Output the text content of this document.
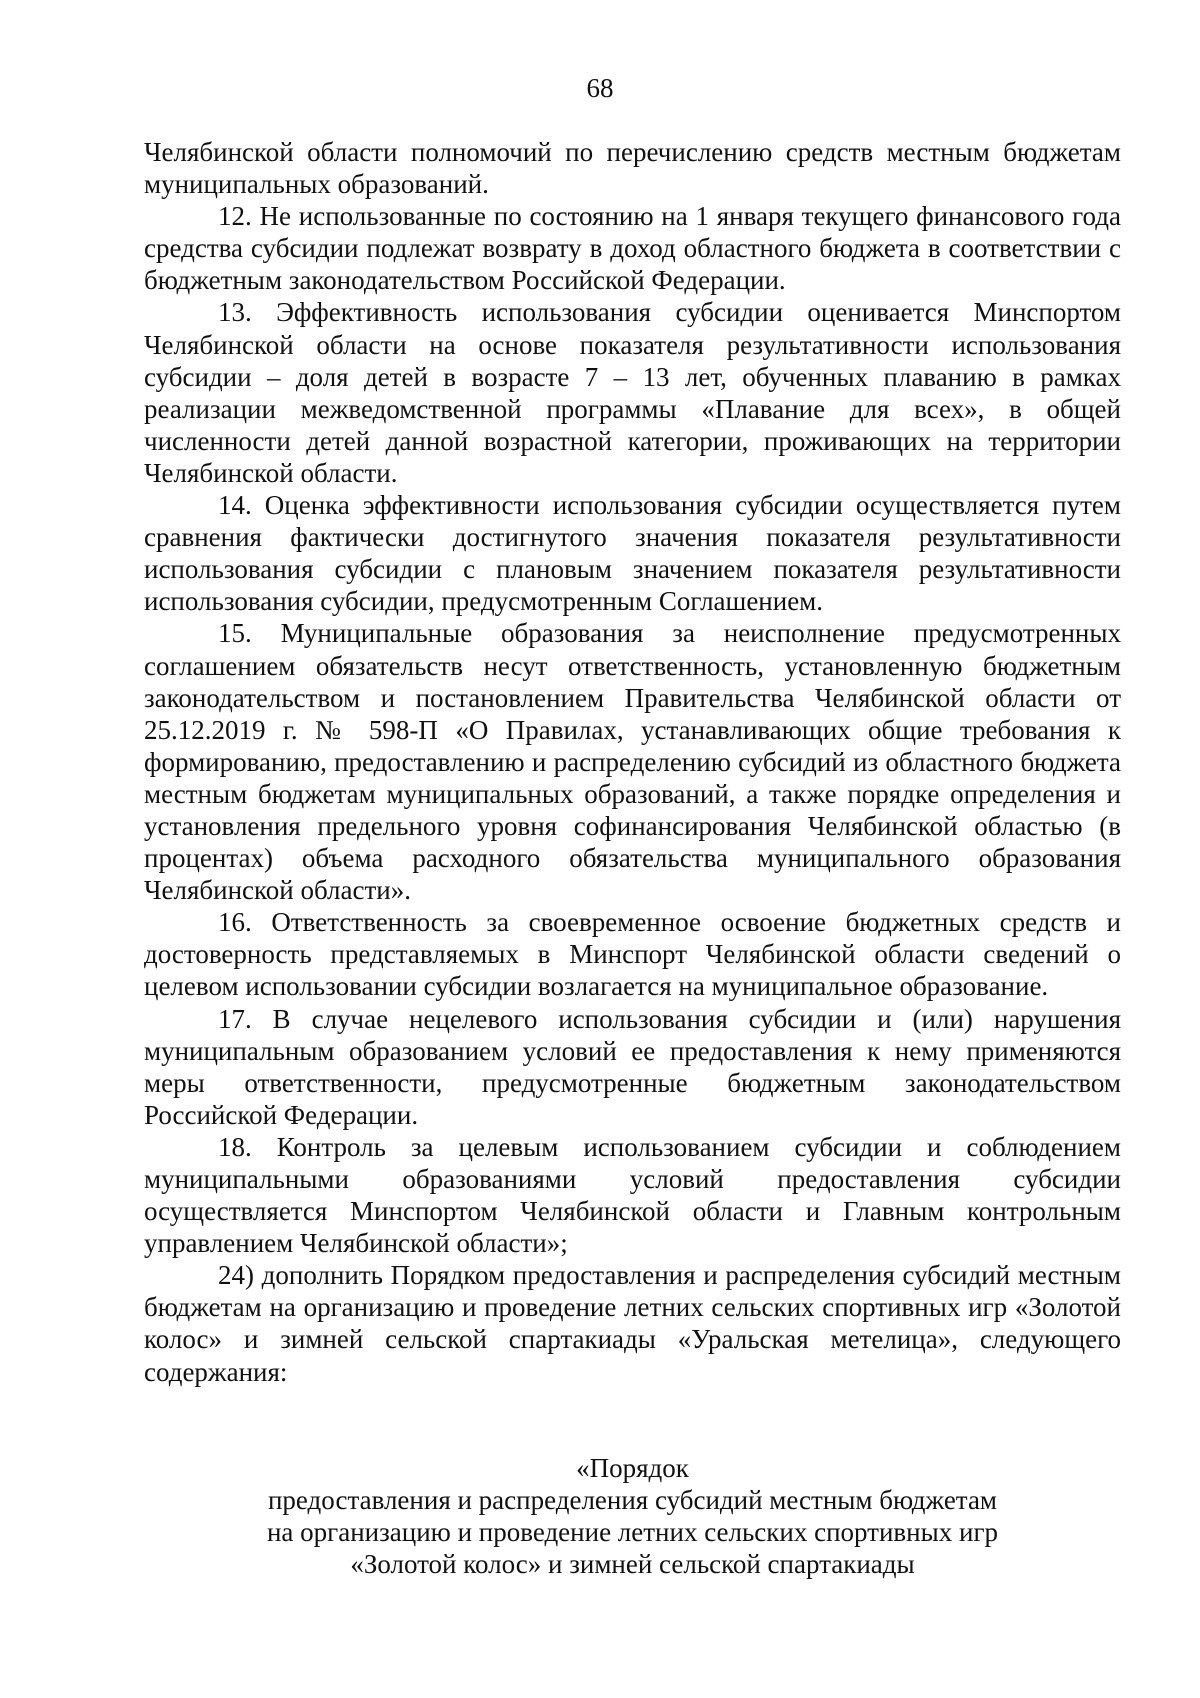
68

Челябинской области полномочий по перечислению средств местным бюджетам муниципальных образований.

12. Не использованные по состоянию на 1 января текущего финансового года средства субсидии подлежат возврату в доход областного бюджета в соответствии с бюджетным законодательством Российской Федерации.

13. Эффективность использования субсидии оценивается Минспортом Челябинской области на основе показателя результативности использования субсидии – доля детей в возрасте 7 – 13 лет, обученных плаванию в рамках реализации межведомственной программы «Плавание для всех», в общей численности детей данной возрастной категории, проживающих на территории Челябинской области.

14. Оценка эффективности использования субсидии осуществляется путем сравнения фактически достигнутого значения показателя результативности использования субсидии с плановым значением показателя результативности использования субсидии, предусмотренным Соглашением.

15. Муниципальные образования за неисполнение предусмотренных соглашением обязательств несут ответственность, установленную бюджетным законодательством и постановлением Правительства Челябинской области от 25.12.2019 г. № 598-П «О Правилах, устанавливающих общие требования к формированию, предоставлению и распределению субсидий из областного бюджета местным бюджетам муниципальных образований, а также порядке определения и установления предельного уровня софинансирования Челябинской областью (в процентах) объема расходного обязательства муниципального образования Челябинской области».

16. Ответственность за своевременное освоение бюджетных средств и достоверность представляемых в Минспорт Челябинской области сведений о целевом использовании субсидии возлагается на муниципальное образование.

17. В случае нецелевого использования субсидии и (или) нарушения муниципальным образованием условий ее предоставления к нему применяются меры ответственности, предусмотренные бюджетным законодательством Российской Федерации.

18. Контроль за целевым использованием субсидии и соблюдением муниципальными образованиями условий предоставления субсидии осуществляется Минспортом Челябинской области и Главным контрольным управлением Челябинской области»;

24) дополнить Порядком предоставления и распределения субсидий местным бюджетам на организацию и проведение летних сельских спортивных игр «Золотой колос» и зимней сельской спартакиады «Уральская метелица», следующего содержания:

«Порядок
предоставления и распределения субсидий местным бюджетам
на организацию и проведение летних сельских спортивных игр
«Золотой колос» и зимней сельской спартакиады
